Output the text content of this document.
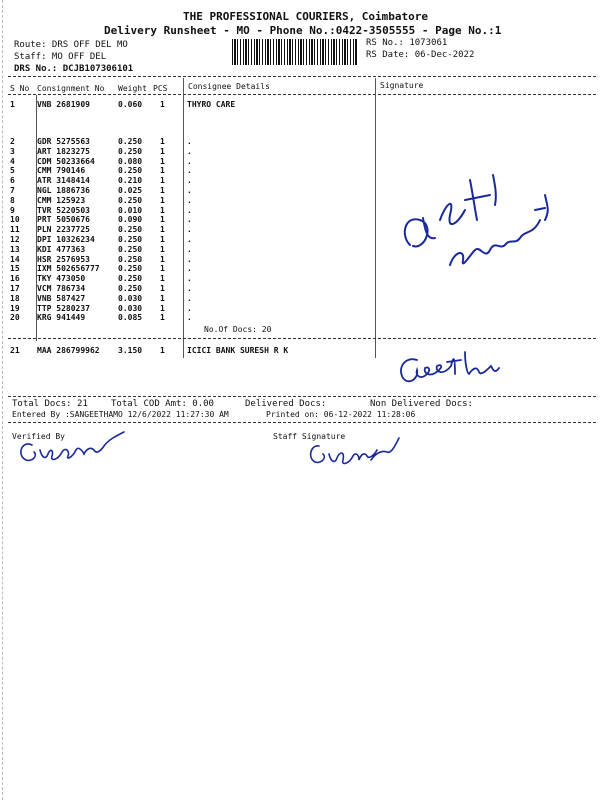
THE PROFESSIONAL COURIERS, Coimbatore
Delivery Runsheet - MO - Phone No.:0422-3505555 - Page No.:1
Route: DRS OFF DEL MO
Staff: MO OFF DEL
DRS No.: DCJB107306101
RS No.: 1073061
RS Date: 06-Dec-2022
S No Consignment No Weight PCS	Consignee Details	Signature
1	VNB 2681909	0.060 1	THYRO CARE
2	GDR 5275563	0.250 1	.
3	ART 1823275	0.250 1	.
4	CDM 50233664	0.080 1	.
5	CMM 790146	0.250 1	.
6	ATR 3148414	0.210 1	.
7	NGL 1886736	0.025 1	.
8	CMM 125923	0.250 1	.
9	TVR 5220503	0.010 1	.
10 PRT 5050676	0.090 1	.
11 PLN 2237725	0.250 1	.
12 DPI 10326234	0.250 1	.
13 KDI 477363	0.250 1	.
14 HSR 2576953	0.250 1	.
15 IXM 502656777 0.250 1	.
16 TKY 473050	0.250 1	.
17 VCM 786734	0.250 1	.
18 VNB 587427	0.030 1	.
19 TTP 5280237	0.030 1	.
20 KRG 941449	0.085 1	.
No.Of Docs: 20
21 MAA 286799962 3.150 1	ICICI BANK SURESH R K
Total Docs: 21	Total COD Amt: 0.00	Delivered Docs:	Non Delivered Docs:
Entered By :SANGEETHAMO 12/6/2022 11:27:30 AM	Printed on: 06-12-2022 11:28:06
Verified By	Staff Signature
